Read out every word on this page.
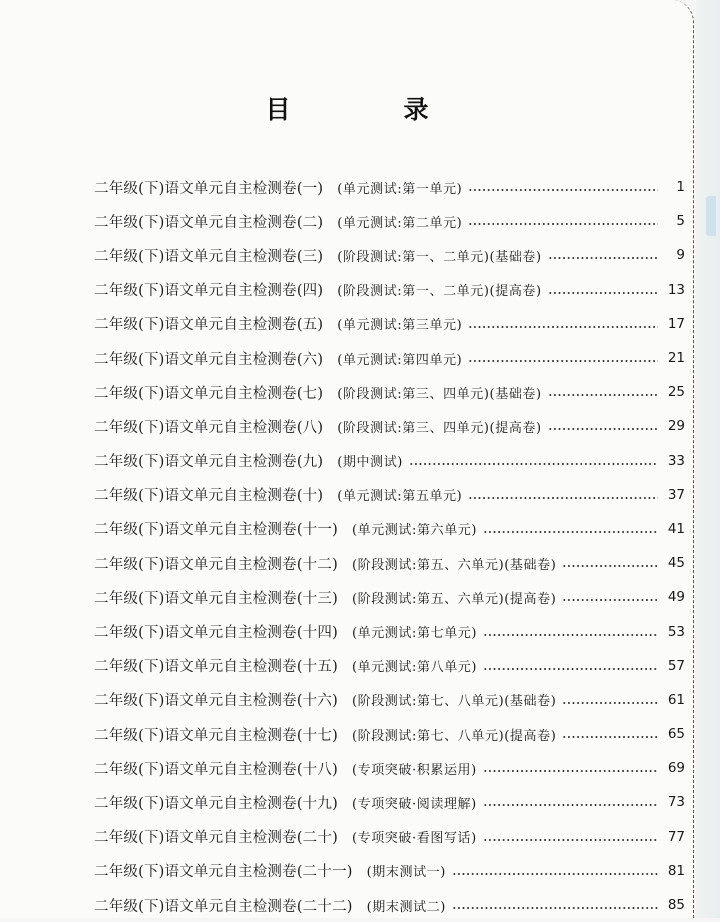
目　录
二年级(下)语文单元自主检测卷(一) (单元测试:第一单元)	1
二年级(下)语文单元自主检测卷(二) (单元测试:第二单元)	5
二年级(下)语文单元自主检测卷(三) (阶段测试:第一、二单元)(基础卷)	9
二年级(下)语文单元自主检测卷(四) (阶段测试:第一、二单元)(提高卷)	13
二年级(下)语文单元自主检测卷(五) (单元测试:第三单元)	17
二年级(下)语文单元自主检测卷(六) (单元测试:第四单元)	21
二年级(下)语文单元自主检测卷(七) (阶段测试:第三、四单元)(基础卷)	25
二年级(下)语文单元自主检测卷(八) (阶段测试:第三、四单元)(提高卷)	29
二年级(下)语文单元自主检测卷(九) (期中测试)	33
二年级(下)语文单元自主检测卷(十) (单元测试:第五单元)	37
二年级(下)语文单元自主检测卷(十一) (单元测试:第六单元)	41
二年级(下)语文单元自主检测卷(十二) (阶段测试:第五、六单元)(基础卷)	45
二年级(下)语文单元自主检测卷(十三) (阶段测试:第五、六单元)(提高卷)	49
二年级(下)语文单元自主检测卷(十四) (单元测试:第七单元)	53
二年级(下)语文单元自主检测卷(十五) (单元测试:第八单元)	57
二年级(下)语文单元自主检测卷(十六) (阶段测试:第七、八单元)(基础卷)	61
二年级(下)语文单元自主检测卷(十七) (阶段测试:第七、八单元)(提高卷)	65
二年级(下)语文单元自主检测卷(十八) (专项突破·积累运用)	69
二年级(下)语文单元自主检测卷(十九) (专项突破·阅读理解)	73
二年级(下)语文单元自主检测卷(二十) (专项突破·看图写话)	77
二年级(下)语文单元自主检测卷(二十一) (期末测试一)	81
二年级(下)语文单元自主检测卷(二十二) (期末测试二)	85
